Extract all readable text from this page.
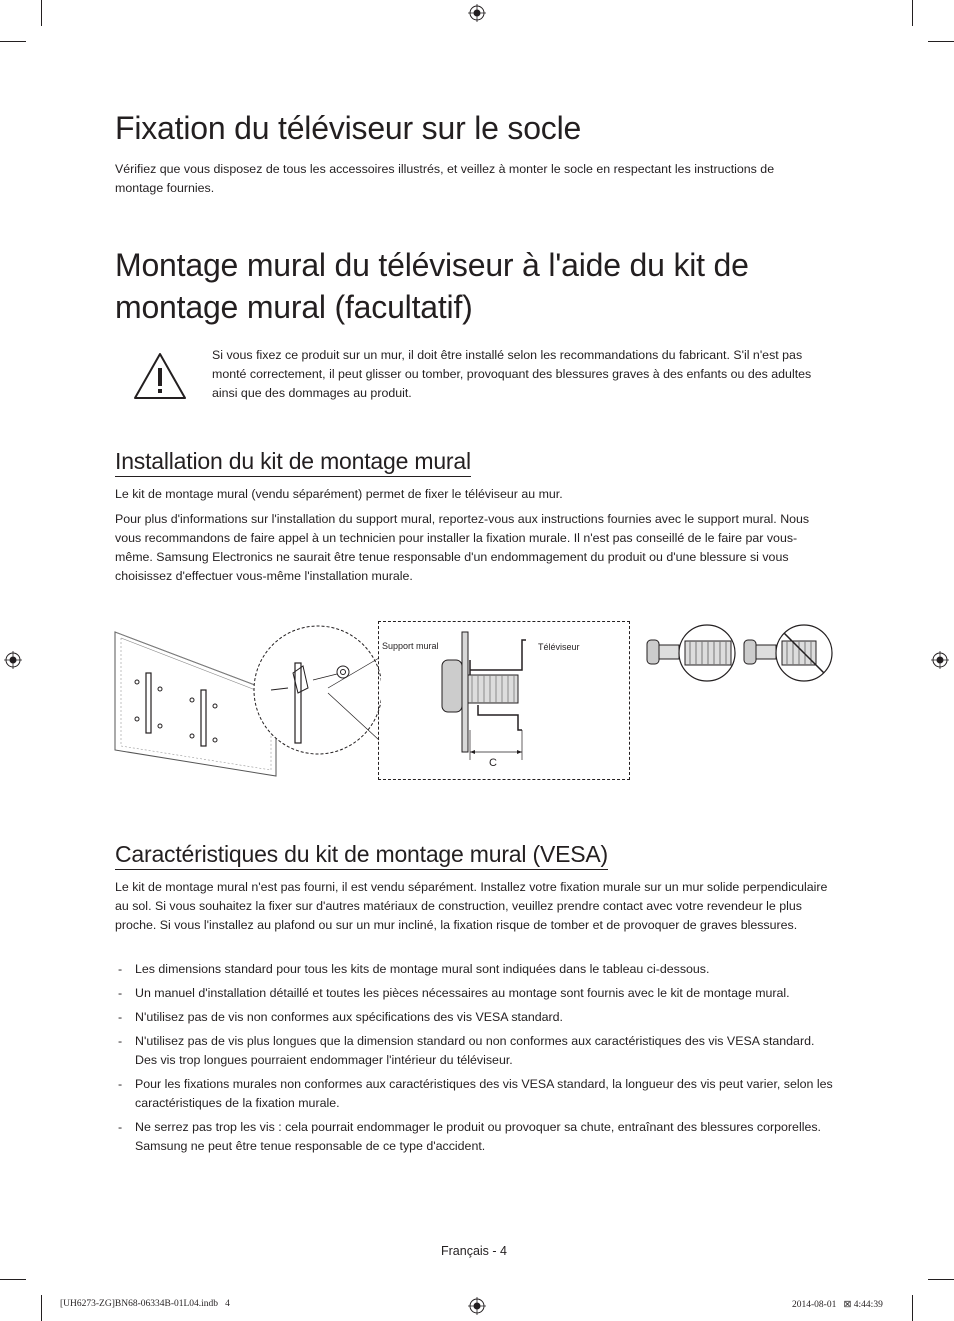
Fixation du téléviseur sur le socle
Vérifiez que vous disposez de tous les accessoires illustrés, et veillez à monter le socle en respectant les instructions de montage fournies.
Montage mural du téléviseur à l'aide du kit de
montage mural (facultatif)
Si vous fixez ce produit sur un mur, il doit être installé selon les recommandations du fabricant. S'il n'est pas monté correctement, il peut glisser ou tomber, provoquant des blessures graves à des enfants ou des adultes ainsi que des dommages au produit.
Installation du kit de montage mural
Le kit de montage mural (vendu séparément) permet de fixer le téléviseur au mur.
Pour plus d'informations sur l'installation du support mural, reportez-vous aux instructions fournies avec le support mural. Nous vous recommandons de faire appel à un technicien pour installer la fixation murale. Il n'est pas conseillé de le faire par vous-même. Samsung Electronics ne saurait être tenue responsable d'un endommagement du produit ou d'une blessure si vous choisissez d'effectuer vous-même l'installation murale.
Support mural	Téléviseur
C
Caractéristiques du kit de montage mural (VESA)
Le kit de montage mural n'est pas fourni, il est vendu séparément. Installez votre fixation murale sur un mur solide perpendiculaire au sol. Si vous souhaitez la fixer sur d'autres matériaux de construction, veuillez prendre contact avec votre revendeur le plus proche. Si vous l'installez au plafond ou sur un mur incliné, la fixation risque de tomber et de provoquer de graves blessures.
- Les dimensions standard pour tous les kits de montage mural sont indiquées dans le tableau ci-dessous.
- Un manuel d'installation détaillé et toutes les pièces nécessaires au montage sont fournis avec le kit de montage mural.
- N'utilisez pas de vis non conformes aux spécifications des vis VESA standard.
- N'utilisez pas de vis plus longues que la dimension standard ou non conformes aux caractéristiques des vis VESA standard. Des vis trop longues pourraient endommager l'intérieur du téléviseur.
- Pour les fixations murales non conformes aux caractéristiques des vis VESA standard, la longueur des vis peut varier, selon les caractéristiques de la fixation murale.
- Ne serrez pas trop les vis : cela pourrait endommager le produit ou provoquer sa chute, entraînant des blessures corporelles. Samsung ne peut être tenue responsable de ce type d'accident.
Français - 4
[UH6273-ZG]BN68-06334B-01L04.indb   4	2014-08-01   ⊠ 4:44:39
